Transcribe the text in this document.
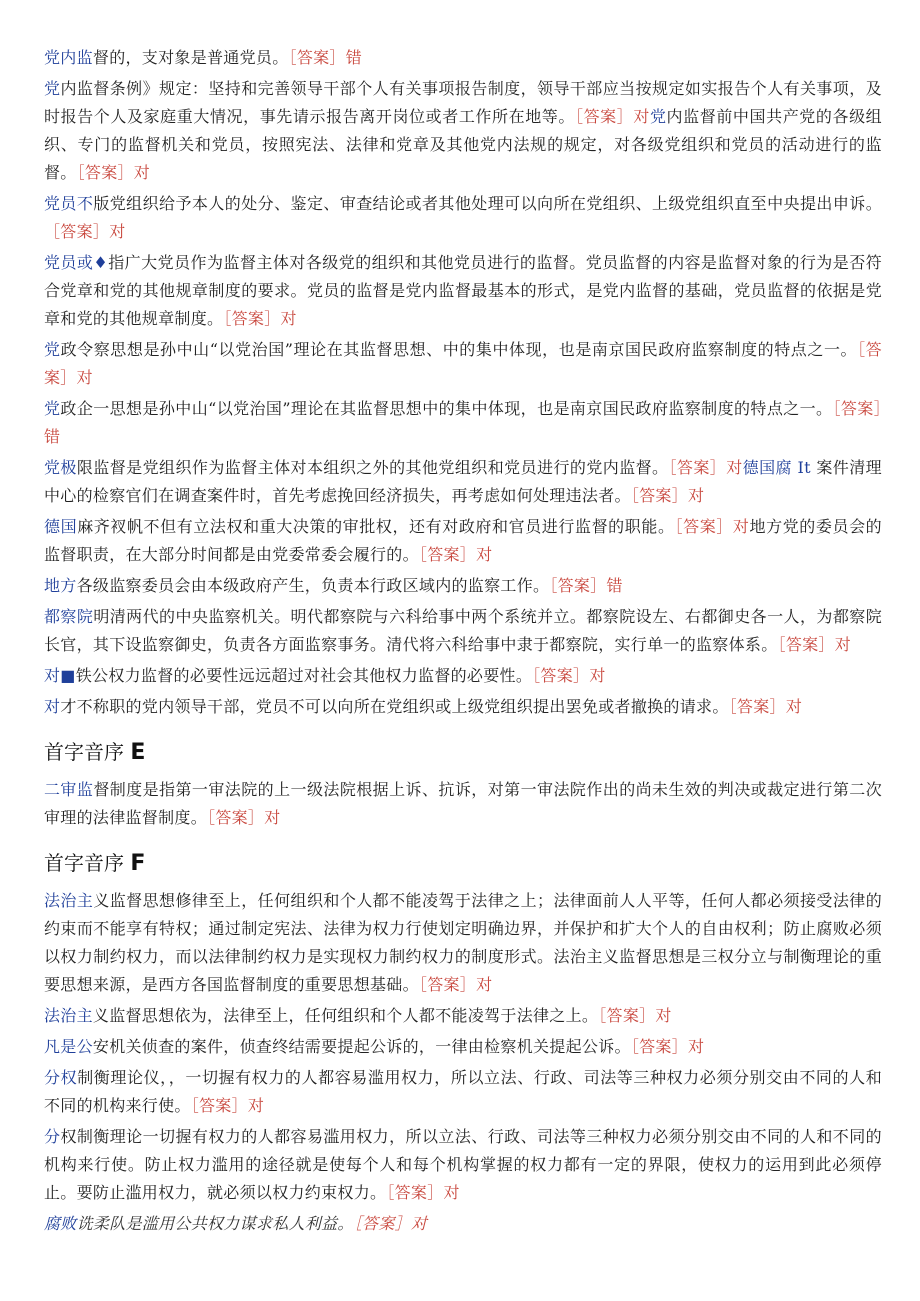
党内监督的，支对象是普通党员。［答案］错
党内监督条例》规定：坚持和完善领导干部个人有关事项报告制度，领导干部应当按规定如实报告个人有关事项，及时报告个人及家庭重大情况，事先请示报告离开岗位或者工作所在地等。［答案］对党内监督前中国共产党的各级组织、专门的监督机关和党员，按照宪法、法律和党章及其他党内法规的规定，对各级党组织和党员的活动进行的监督。［答案］对
党员不版党组织给予本人的处分、鉴定、审查结论或者其他处理可以向所在党组织、上级党组织直至中央提出申诉。［答案］对
党员或♦指广大党员作为监督主体对各级党的组织和其他党员进行的监督。党员监督的内容是监督对象的行为是否符合党章和党的其他规章制度的要求。党员的监督是党内监督最基本的形式，是党内监督的基础，党员监督的依据是党章和党的其他规章制度。［答案］对
党政令察思想是孙中山“以党治国”理论在其监督思想、中的集中体现，也是南京国民政府监察制度的特点之一。［答案］对
党政企一思想是孙中山“以党治国”理论在其监督思想中的集中体现，也是南京国民政府监察制度的特点之一。［答案］错
党极限监督是党组织作为监督主体对本组织之外的其他党组织和党员进行的党内监督。［答案］对德国腐 It 案件清理中心的检察官们在调查案件时，首先考虑挽回经济损失，再考虑如何处理违法者。［答案］对
德国麻齐衩帆不但有立法权和重大决策的审批权，还有对政府和官员进行监督的职能。［答案］对地方党的委员会的监督职责，在大部分时间都是由党委常委会履行的。［答案］对
地方各级监察委员会由本级政府产生，负责本行政区域内的监察工作。［答案］错
都察院明清两代的中央监察机关。明代都察院与六科给事中两个系统并立。都察院设左、右都御史各一人，为都察院长官，其下设监察御史，负责各方面监察事务。清代将六科给事中隶于都察院，实行单一的监察体系。［答案］对
对■铁公权力监督的必要性远远超过对社会其他权力监督的必要性。［答案］对
对才不称职的党内领导干部，党员不可以向所在党组织或上级党组织提出罢免或者撤换的请求。［答案］对
首字音序 E
二审监督制度是指第一审法院的上一级法院根据上诉、抗诉，对第一审法院作出的尚未生效的判决或裁定进行第二次审理的法律监督制度。［答案］对
首字音序 F
法治主义监督思想修律至上，任何组织和个人都不能凌驾于法律之上；法律面前人人平等，任何人都必须接受法律的约束而不能享有特权；通过制定宪法、法律为权力行使划定明确边界，并保护和扩大个人的自由权利；防止腐败必须以权力制约权力，而以法律制约权力是实现权力制约权力的制度形式。法治主义监督思想是三权分立与制衡理论的重要思想来源，是西方各国监督制度的重要思想基础。［答案］对
法治主义监督思想依为，法律至上，任何组织和个人都不能凌驾于法律之上。［答案］对
凡是公安机关侦查的案件，侦查终结需要提起公诉的，一律由检察机关提起公诉。［答案］对
分权制衡理论仪，，一切握有权力的人都容易滥用权力，所以立法、行政、司法等三种权力必须分别交由不同的人和不同的机构来行使。［答案］对
分权制衡理论一切握有权力的人都容易滥用权力，所以立法、行政、司法等三种权力必须分别交由不同的人和不同的机构来行使。防止权力滥用的途径就是使每个人和每个机构掌握的权力都有一定的界限，使权力的运用到此必须停止。要防止滥用权力，就必须以权力约束权力。［答案］对
腐败诜柔队是滥用公共权力谋求私人利益。［答案］对
